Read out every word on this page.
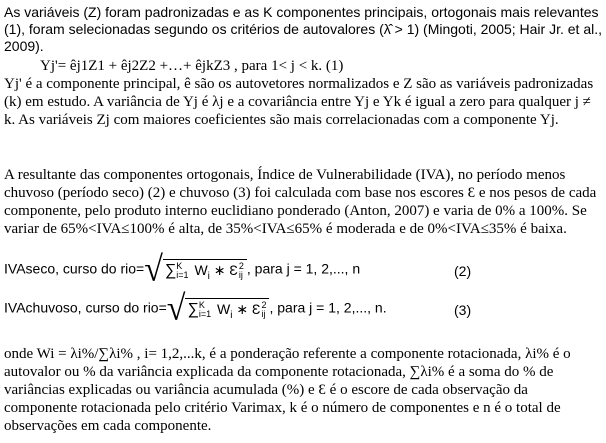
As variáveis (Z) foram padronizadas e as K componentes principais, ortogonais mais relevantes (1), foram selecionadas segundo os critérios de autovalores (λ̂ > 1) (Mingoti, 2005; Hair Jr. et al., 2009).

Yj'= êj1Z1 + êj2Z2 +…+ êjkZ3 , para 1< j < k. (1)

Yj' é a componente principal, ê são os autovetores normalizados e Z são as variáveis padronizadas (k) em estudo. A variância de Yj é λj e a covariância entre Yj e Yk é igual a zero para qualquer j ≠ k. As variáveis Zj com maiores coeficientes são mais correlacionadas com a componente Yj.

A resultante das componentes ortogonais, Índice de Vulnerabilidade (IVA), no período menos chuvoso (período seco) (2) e chuvoso (3) foi calculada com base nos escores Ɛ e nos pesos de cada componente, pelo produto interno euclidiano ponderado (Anton, 2007) e varia de 0% a 100%. Se variar de 65%<IVA≤100% é alta, de 35%<IVA≤65% é moderada e de 0%<IVA≤35% é baixa.

IVAseco, curso do rio=√ ∑ K
i=1 $W_i$ ∗ Ɛ 2
ij , para j = 1, 2,..., n	(2)
IVAchuvoso, curso do rio=√ ∑ K
i=1 $W_i$ ∗ Ɛ 2
ij , para j = 1, 2,..., n.	(3)

onde Wi = λi%/∑λi% , i= 1,2,...k, é a ponderação referente a componente rotacionada, λi% é o autovalor ou % da variância explicada da componente rotacionada, ∑λi% é a soma do % de variâncias explicadas ou variância acumulada (%) e Ɛ é o escore de cada observação da componente rotacionada pelo critério Varimax, k é o número de componentes e n é o total de observações em cada componente.
